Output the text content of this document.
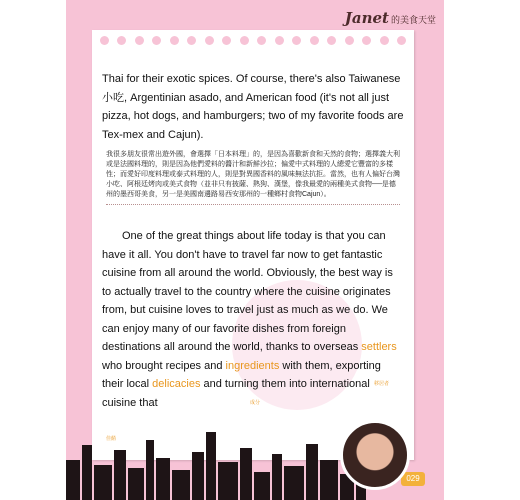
Janet 的美食天堂

Thai for their exotic spices. Of course, there's also Taiwanese 小吃, Argentinian asado, and American food (it's not all just pizza, hot dogs, and hamburgers; two of my favorite foods are Tex-mex and Cajun).

我很多朋友很常出遊外國，會選擇「日本料理」的，是因為喜歡新食和天然的食物；選擇義大利或是法國料理的，則是因為他們愛料的醬汁和新鮮沙拉；偏愛中式料理的人總愛它豐富的多樣性；而愛好印度料理或泰式料理的人，則是對異國香料的風味無法抗拒。當然，也有人偏好台灣小吃、阿根廷烤肉或美式食物（並非只有披薩、熱狗、漢堡，像我最愛的兩種美式食物──是德州的墨西哥美食，另一是美國南邊路易西安那州的一種鄉村食物Cajun）。

One of the great things about life today is that you can have it all. You don't have to travel far now to get fantastic cuisine from all around the world. Obviously, the best way is to actually travel to the country where the cuisine originates from, but cuisine loves to travel just as much as we do. We can enjoy many of our favorite dishes from foreign destinations all around the world, thanks to overseas settlers who brought recipes and ingredients with them, exporting their local delicacies and turning them into international cuisine that

移居者
成分
佳餚
029
